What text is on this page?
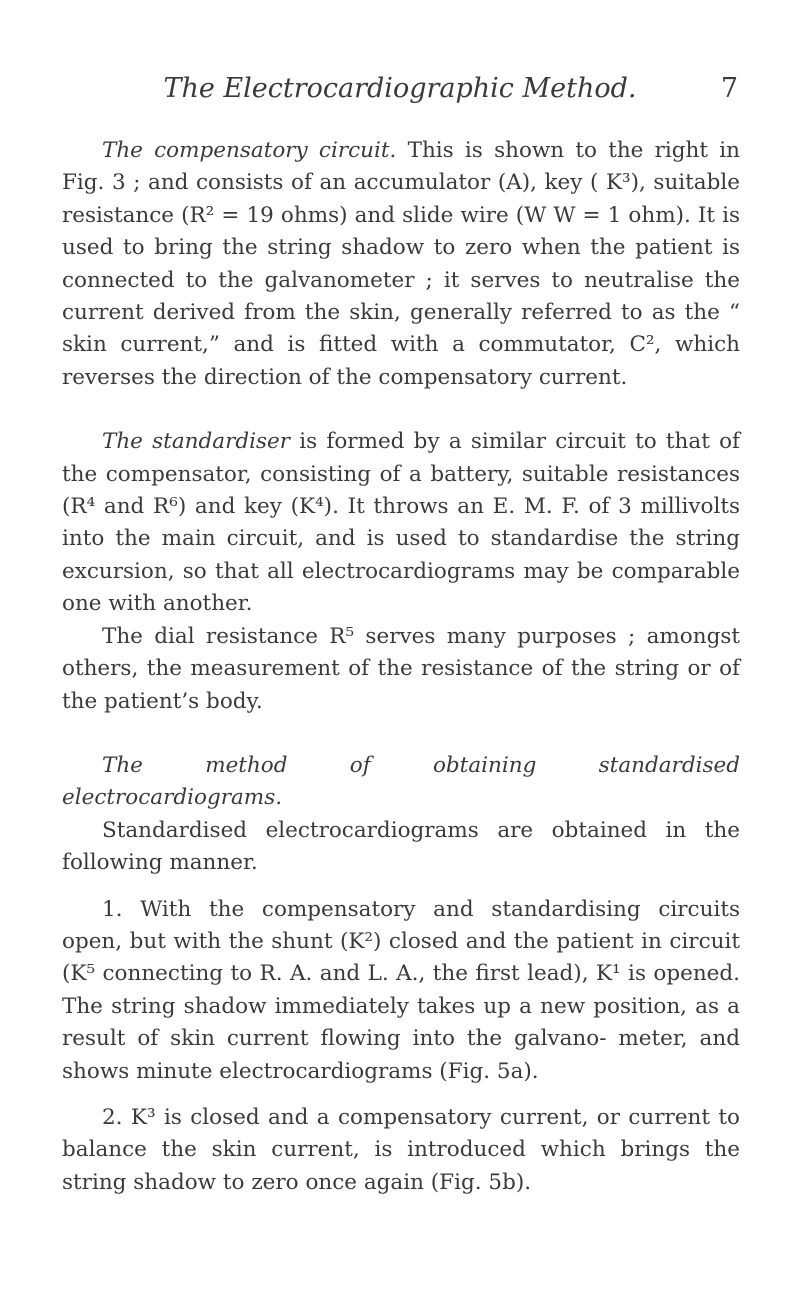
The Electrocardiographic Method.	7

The compensatory circuit. This is shown to the right in Fig. 3 ; and consists of an accumulator (A), key ( K³), suitable resistance (R² = 19 ohms) and slide wire (W W = 1 ohm). It is used to bring the string shadow to zero when the patient is connected to the galvanometer ; it serves to neutralise the current derived from the skin, generally referred to as the “ skin current,” and is fitted with a commutator, C², which reverses the direction of the compensatory current.

The standardiser is formed by a similar circuit to that of the compensator, consisting of a battery, suitable resistances (R⁴ and R⁶) and key (K⁴). It throws an E. M. F. of 3 millivolts into the main circuit, and is used to standardise the string excursion, so that all electrocardiograms may be comparable one with another.

The dial resistance R⁵ serves many purposes ; amongst others, the measurement of the resistance of the string or of the patient’s body.

The method of obtaining standardised electrocardiograms.

Standardised electrocardiograms are obtained in the following manner.

1. With the compensatory and standardising circuits open, but with the shunt (K²) closed and the patient in circuit (K⁵ connecting to R. A. and L. A., the first lead), K¹ is opened. The string shadow immediately takes up a new position, as a result of skin current flowing into the galvano- meter, and shows minute electrocardiograms (Fig. 5a).

2. K³ is closed and a compensatory current, or current to balance the skin current, is introduced which brings the string shadow to zero once again (Fig. 5b).
